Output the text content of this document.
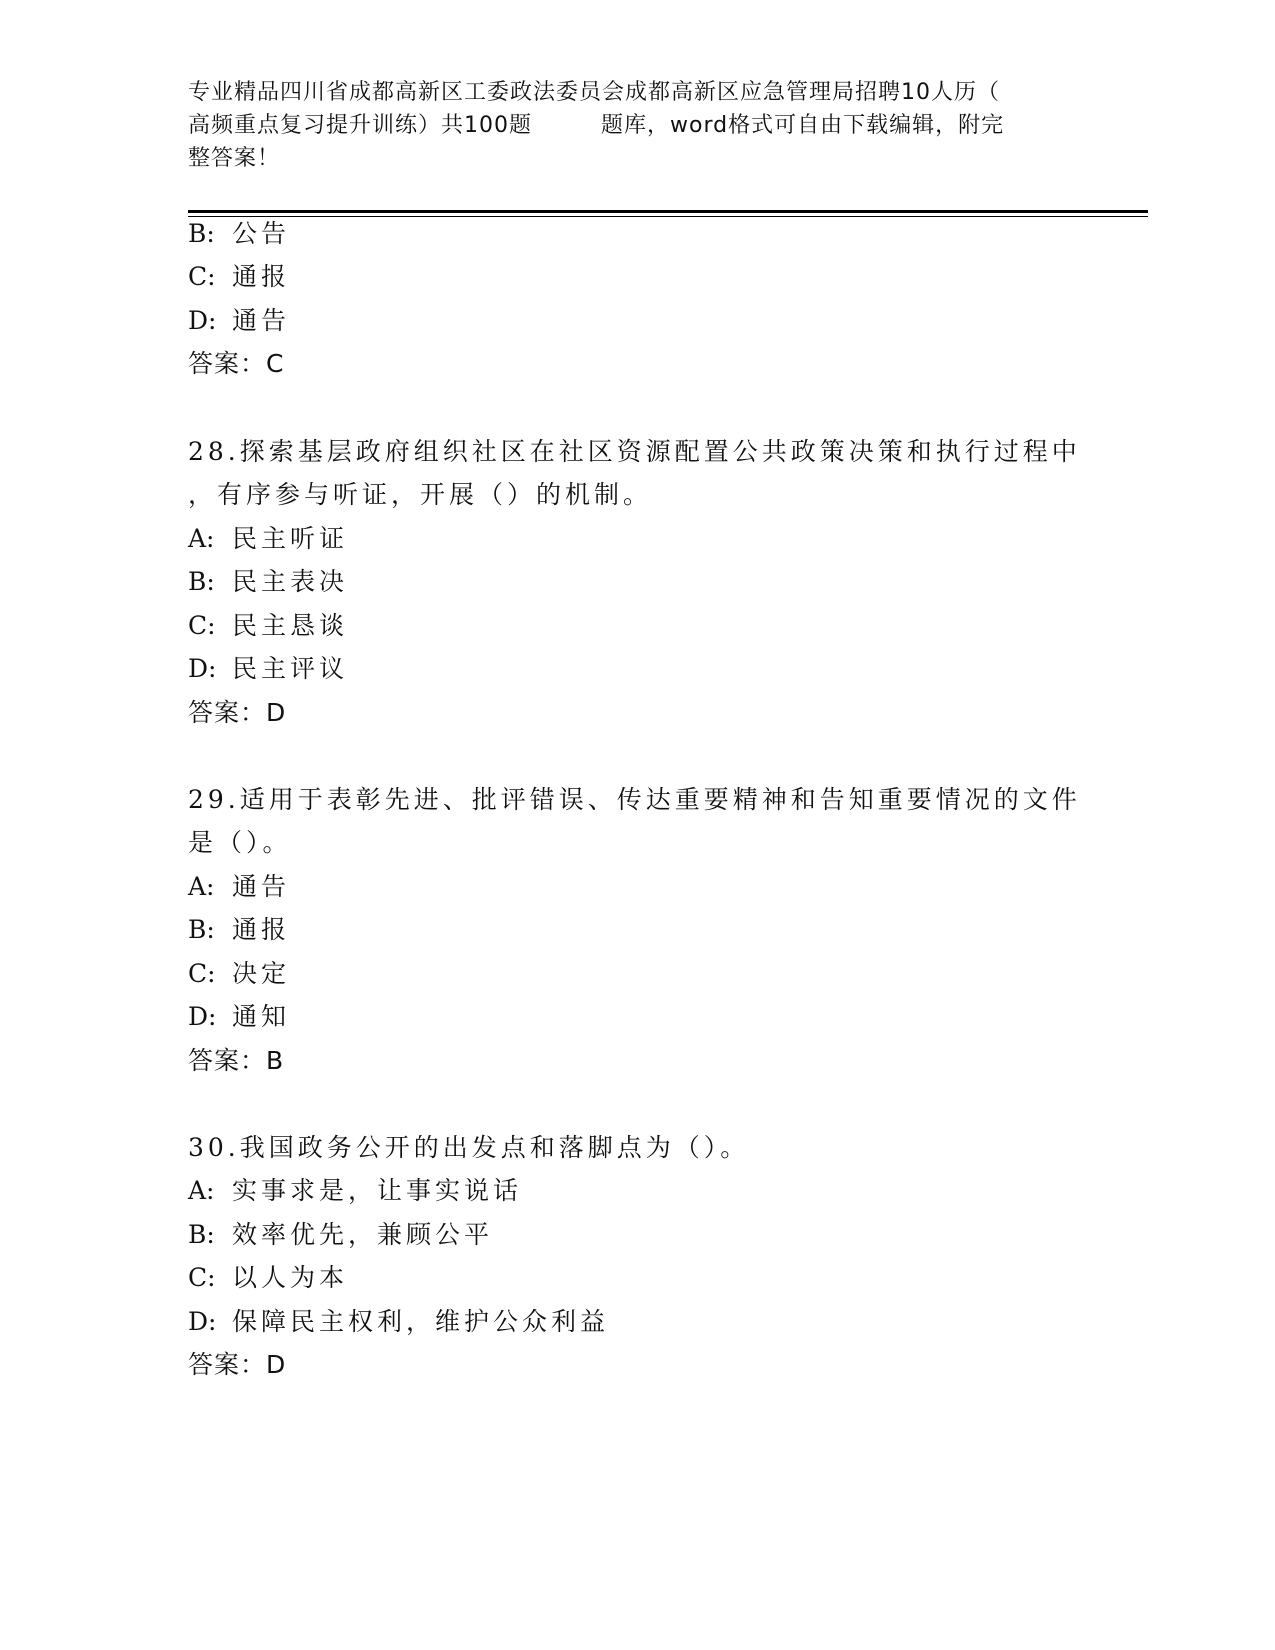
专业精品四川省成都高新区工委政法委员会成都高新区应急管理局招聘10人历（
高频重点复习提升训练）共100题　　　题库，word格式可自由下载编辑，附完
整答案！
B: 公告
C: 通报
D: 通告
答案：C
28.探索基层政府组织社区在社区资源配置公共政策决策和执行过程中
，有序参与听证，开展（）的机制。
A: 民主听证
B: 民主表决
C: 民主恳谈
D: 民主评议
答案：D
29.适用于表彰先进、批评错误、传达重要精神和告知重要情况的文件
是（）。
A: 通告
B: 通报
C: 决定
D: 通知
答案：B
30.我国政务公开的出发点和落脚点为（）。
A: 实事求是，让事实说话
B: 效率优先，兼顾公平
C: 以人为本
D: 保障民主权利，维护公众利益
答案：D
